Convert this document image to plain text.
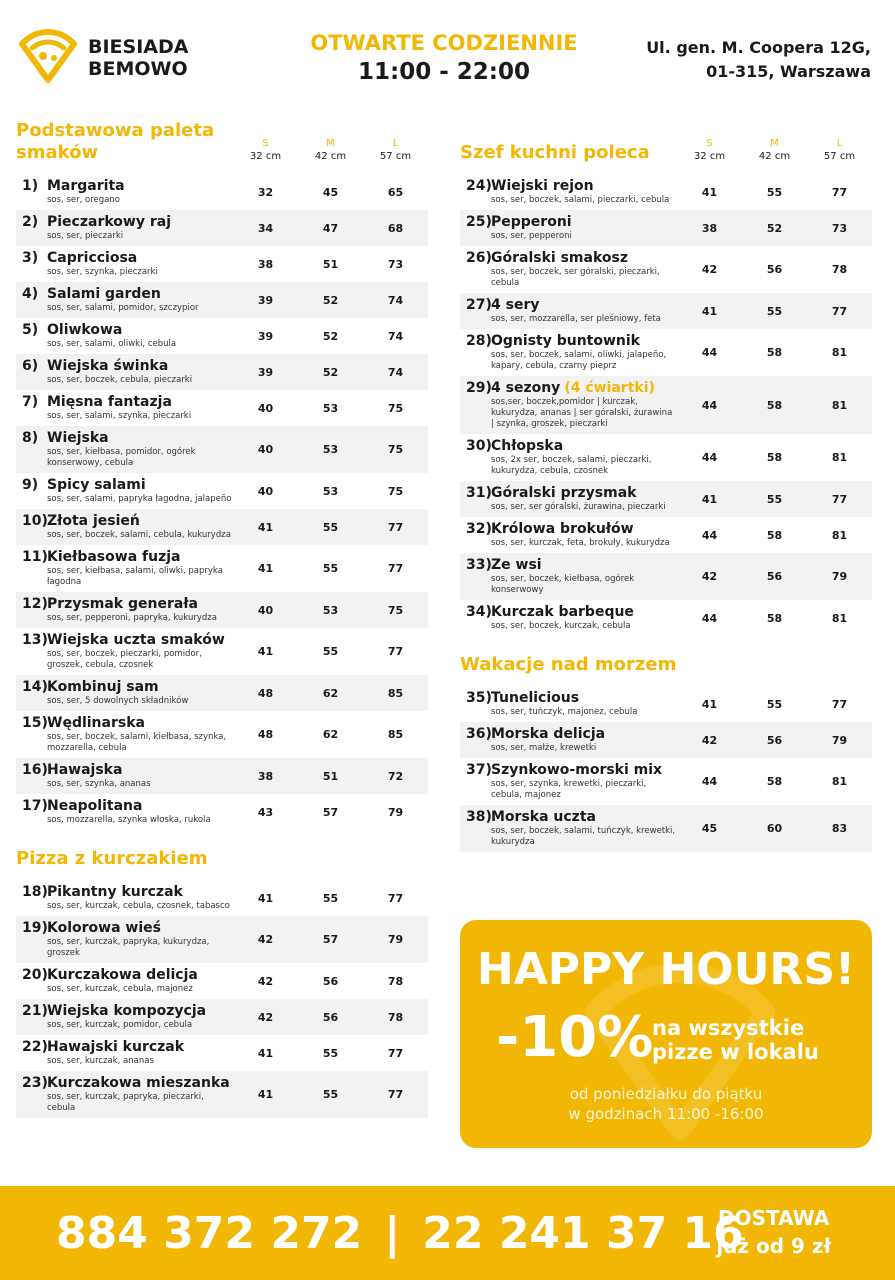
BIESIADA
BEMOWO
OTWARTE CODZIENNIE
11:00 - 22:00
Ul. gen. M. Coopera 12G,
01-315, Warszawa
Podstawowa paleta smaków	S
32 cm
M
42 cm
L
57 cm
1) Margarita
sos, ser, oregano
32	45	65
2) Pieczarkowy raj
sos, ser, pieczarki
34	47	68
3) Capricciosa
sos, ser, szynka, pieczarki
38	51	73
4) Salami garden
sos, ser, salami, pomidor, szczypior
39	52	74
5) Oliwkowa
sos, ser, salami, oliwki, cebula
39	52	74
6) Wiejska świnka
sos, ser, boczek, cebula, pieczarki
39	52	74
7) Mięsna fantazja
sos, ser, salami, szynka, pieczarki
40	53	75
8) Wiejska
sos, ser, kiełbasa, pomidor, ogórek konserwowy, cebula
40	53	75
9) Spicy salami
sos, ser, salami, papryka łagodna, jalapeño
40	53	75
10) Złota jesień
sos, ser, boczek, salami, cebula, kukurydza
41	55	77
11) Kiełbasowa fuzja
sos, ser, kiełbasa, salami, oliwki, papryka łagodna
41	55	77
12) Przysmak generała
sos, ser, pepperoni, papryka, kukurydza
40	53	75
13) Wiejska uczta smaków
sos, ser, boczek, pieczarki, pomidor, groszek, cebula, czosnek
41	55	77
14) Kombinuj sam
sos, ser, 5 dowolnych składników
48	62	85
15) Wędlinarska
sos, ser, boczek, salami, kiełbasa, szynka, mozzarella, cebula
48	62	85
16) Hawajska
sos, ser, szynka, ananas
38	51	72
17) Neapolitana
sos, mozzarella, szynka włoska, rukola
43	57	79
Pizza z kurczakiem
18) Pikantny kurczak
sos, ser, kurczak, cebula, czosnek, tabasco
41	55	77
19) Kolorowa wieś
sos, ser, kurczak, papryka, kukurydza, groszek
42	57	79
20) Kurczakowa delicja
sos, ser, kurczak, cebula, majonez
42	56	78
21) Wiejska kompozycja
sos, ser, kurczak, pomidor, cebula
42	56	78
22) Hawajski kurczak
sos, ser, kurczak, ananas
41	55	77
23) Kurczakowa mieszanka
sos, ser, kurczak, papryka, pieczarki, cebula
41	55	77
Szef kuchni poleca	S
32 cm
M
42 cm
L
57 cm
24) Wiejski rejon
sos, ser, boczek, salami, pieczarki, cebula
41	55	77
25) Pepperoni
sos, ser, pepperoni
38	52	73
26) Góralski smakosz
sos, ser, boczek, ser góralski, pieczarki, cebula
42	56	78
27) 4 sery
sos, ser, mozzarella, ser pleśniowy, feta
41	55	77
28) Ognisty buntownik
sos, ser, boczek, salami, oliwki, jalapeño, kapary, cebula, czarny pieprz
44	58	81
29) 4 sezony (4 ćwiartki)
sos,ser, boczek,pomidor | kurczak, kukurydza, ananas | ser góralski, żurawina | szynka, groszek, pieczarki
44	58	81
30) Chłopska
sos, 2x ser, boczek, salami, pieczarki, kukurydza, cebula, czosnek
44	58	81
31) Góralski przysmak
sos, ser, ser góralski, żurawina, pieczarki
41	55	77
32) Królowa brokułów
sos, ser, kurczak, feta, brokuły, kukurydza
44	58	81
33) Ze wsi
sos, ser, boczek, kiełbasa, ogórek konserwowy
42	56	79
34) Kurczak barbeque
sos, ser, boczek, kurczak, cebula
44	58	81
Wakacje nad morzem
35) Tunelicious
sos, ser, tuńczyk, majonez, cebula
41	55	77
36) Morska delicja
sos, ser, małże, krewetki
42	56	79
37) Szynkowo-morski mix
sos, ser, szynka, krewetki, pieczarki, cebula, majonez
44	58	81
38) Morska uczta
sos, ser, boczek, salami, tuńczyk, krewetki, kukurydza
45	60	83
HAPPY HOURS!
-10%
na wszystkie
pizze w lokalu
od poniedziałku do piątku
w godzinach 11:00 -16:00
884 372 272 | 22 241 37 16
DOSTAWA
już od 9 zł
